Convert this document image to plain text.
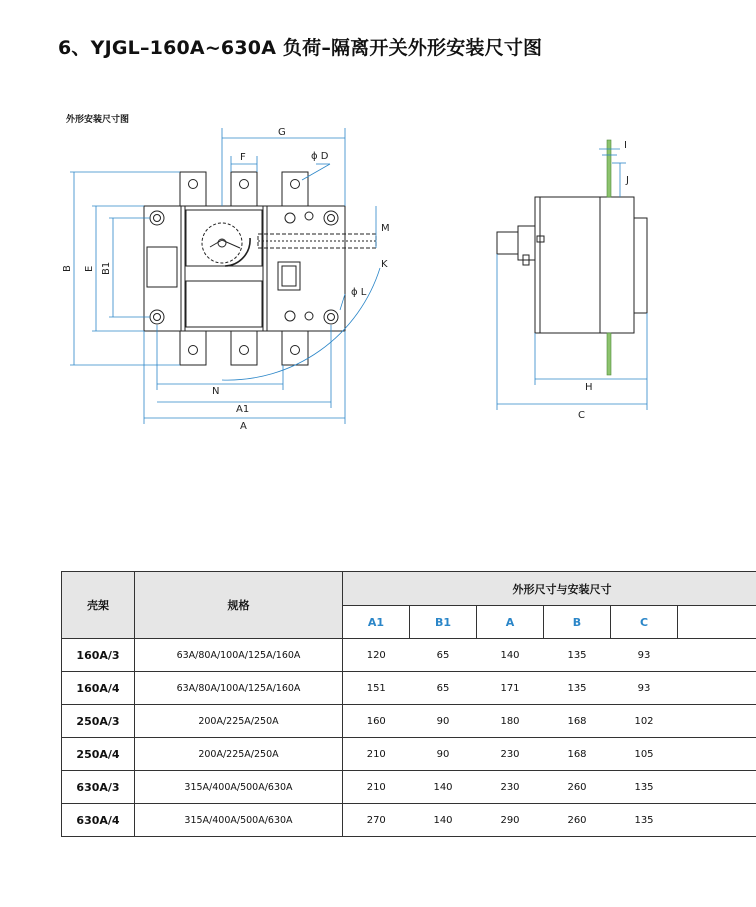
6、YJGL–160A~630A 负荷–隔离开关外形安装尺寸图
外形安装尺寸图
G
F	ϕ D
M
K
ϕ L
B E B1
N
A1
A
I
J
H
C
壳架	规格	外形尺寸与安装尺寸					
		A1	B1	A	B	C	
160A/3	63A/80A/100A/125A/160A	120	65	140	135	93	
160A/4	63A/80A/100A/125A/160A	151	65	171	135	93	
250A/3	200A/225A/250A	160	90	180	168	102	
250A/4	200A/225A/250A	210	90	230	168	105	
630A/3	315A/400A/500A/630A	210	140	230	260	135	
630A/4	315A/400A/500A/630A	270	140	290	260	135	
